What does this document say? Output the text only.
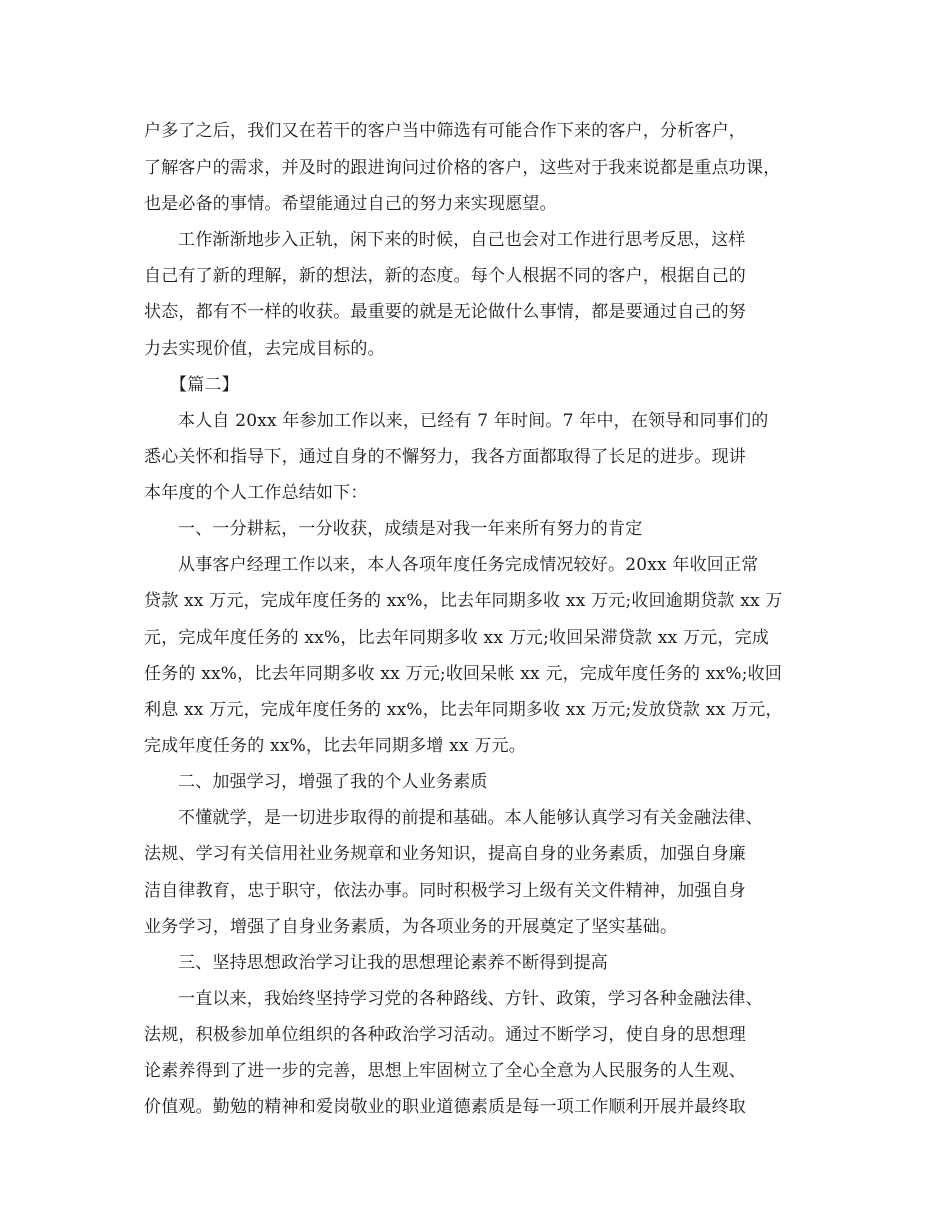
户多了之后，我们又在若干的客户当中筛选有可能合作下来的客户，分析客户，
了解客户的需求，并及时的跟进询问过价格的客户，这些对于我来说都是重点功课，
也是必备的事情。希望能通过自己的努力来实现愿望。
工作渐渐地步入正轨，闲下来的时候，自己也会对工作进行思考反思，这样
自己有了新的理解，新的想法，新的态度。每个人根据不同的客户，根据自己的
状态，都有不一样的收获。最重要的就是无论做什么事情，都是要通过自己的努
力去实现价值，去完成目标的。
【篇二】
本人自 20xx 年参加工作以来，已经有 7 年时间。7 年中，在领导和同事们的
悉心关怀和指导下，通过自身的不懈努力，我各方面都取得了长足的进步。现讲
本年度的个人工作总结如下：
一、一分耕耘，一分收获，成绩是对我一年来所有努力的肯定
从事客户经理工作以来，本人各项年度任务完成情况较好。20xx 年收回正常
贷款 xx 万元，完成年度任务的 xx%，比去年同期多收 xx 万元;收回逾期贷款 xx 万
元，完成年度任务的 xx%，比去年同期多收 xx 万元;收回呆滞贷款 xx 万元，完成
任务的 xx%，比去年同期多收 xx 万元;收回呆帐 xx 元，完成年度任务的 xx%;收回
利息 xx 万元，完成年度任务的 xx%，比去年同期多收 xx 万元;发放贷款 xx 万元，
完成年度任务的 xx%，比去年同期多增 xx 万元。
二、加强学习，增强了我的个人业务素质
不懂就学，是一切进步取得的前提和基础。本人能够认真学习有关金融法律、
法规、学习有关信用社业务规章和业务知识，提高自身的业务素质，加强自身廉
洁自律教育，忠于职守，依法办事。同时积极学习上级有关文件精神，加强自身
业务学习，增强了自身业务素质，为各项业务的开展奠定了坚实基础。
三、坚持思想政治学习让我的思想理论素养不断得到提高
一直以来，我始终坚持学习党的各种路线、方针、政策，学习各种金融法律、
法规，积极参加单位组织的各种政治学习活动。通过不断学习，使自身的思想理
论素养得到了进一步的完善，思想上牢固树立了全心全意为人民服务的人生观、
价值观。勤勉的精神和爱岗敬业的职业道德素质是每一项工作顺利开展并最终取
